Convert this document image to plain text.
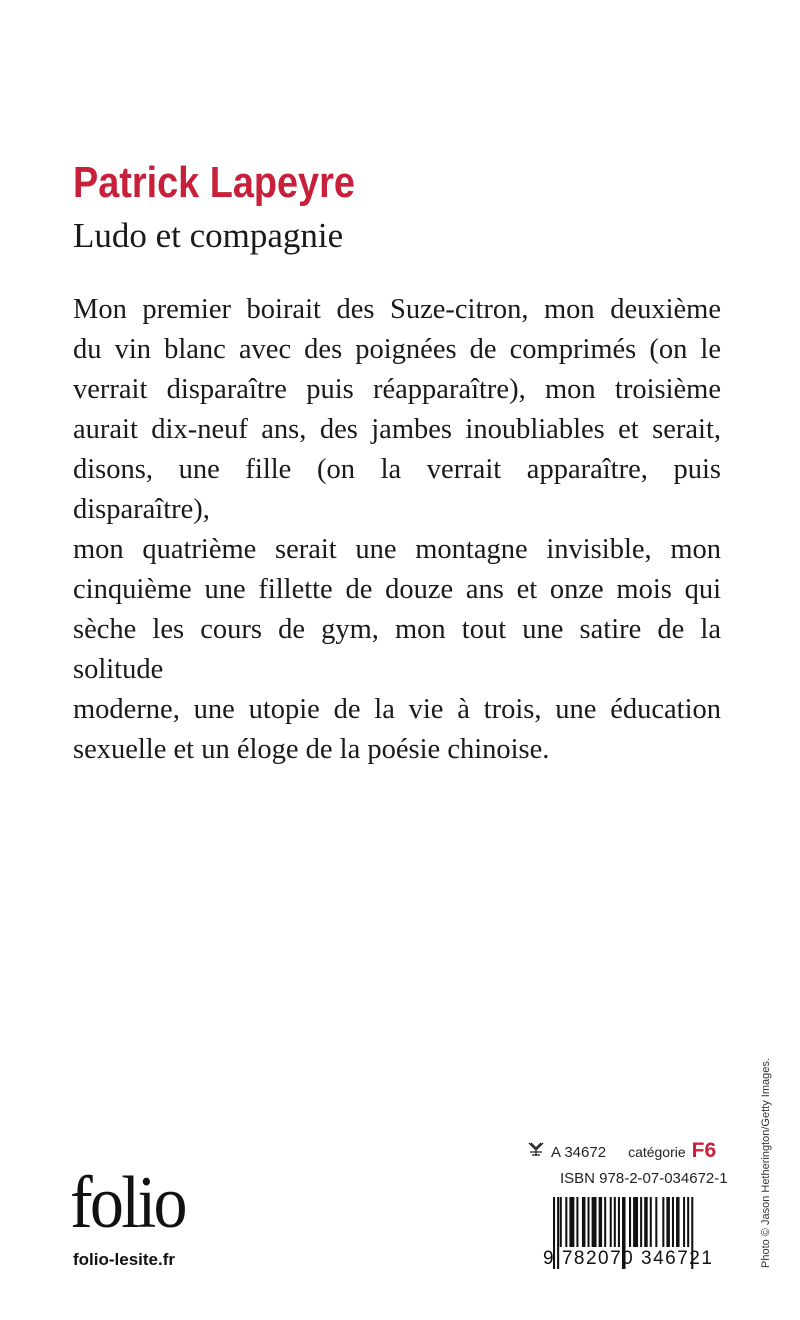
Patrick Lapeyre
Ludo et compagnie
Mon premier boirait des Suze-citron, mon deuxième
du vin blanc avec des poignées de comprimés (on le
verrait disparaître puis réapparaître), mon troisième
aurait dix-neuf ans, des jambes inoubliables et serait,
disons, une fille (on la verrait apparaître, puis disparaître),
mon quatrième serait une montagne invisible, mon
cinquième une fillette de douze ans et onze mois qui
sèche les cours de gym, mon tout une satire de la solitude
moderne, une utopie de la vie à trois, une éducation
sexuelle et un éloge de la poésie chinoise.
folio
folio-lesite.fr
A 34672 catégorie F6
ISBN 978-2-07-034672-1
9 782070 346721	Photo © Jason Hetherington/Getty Images.
